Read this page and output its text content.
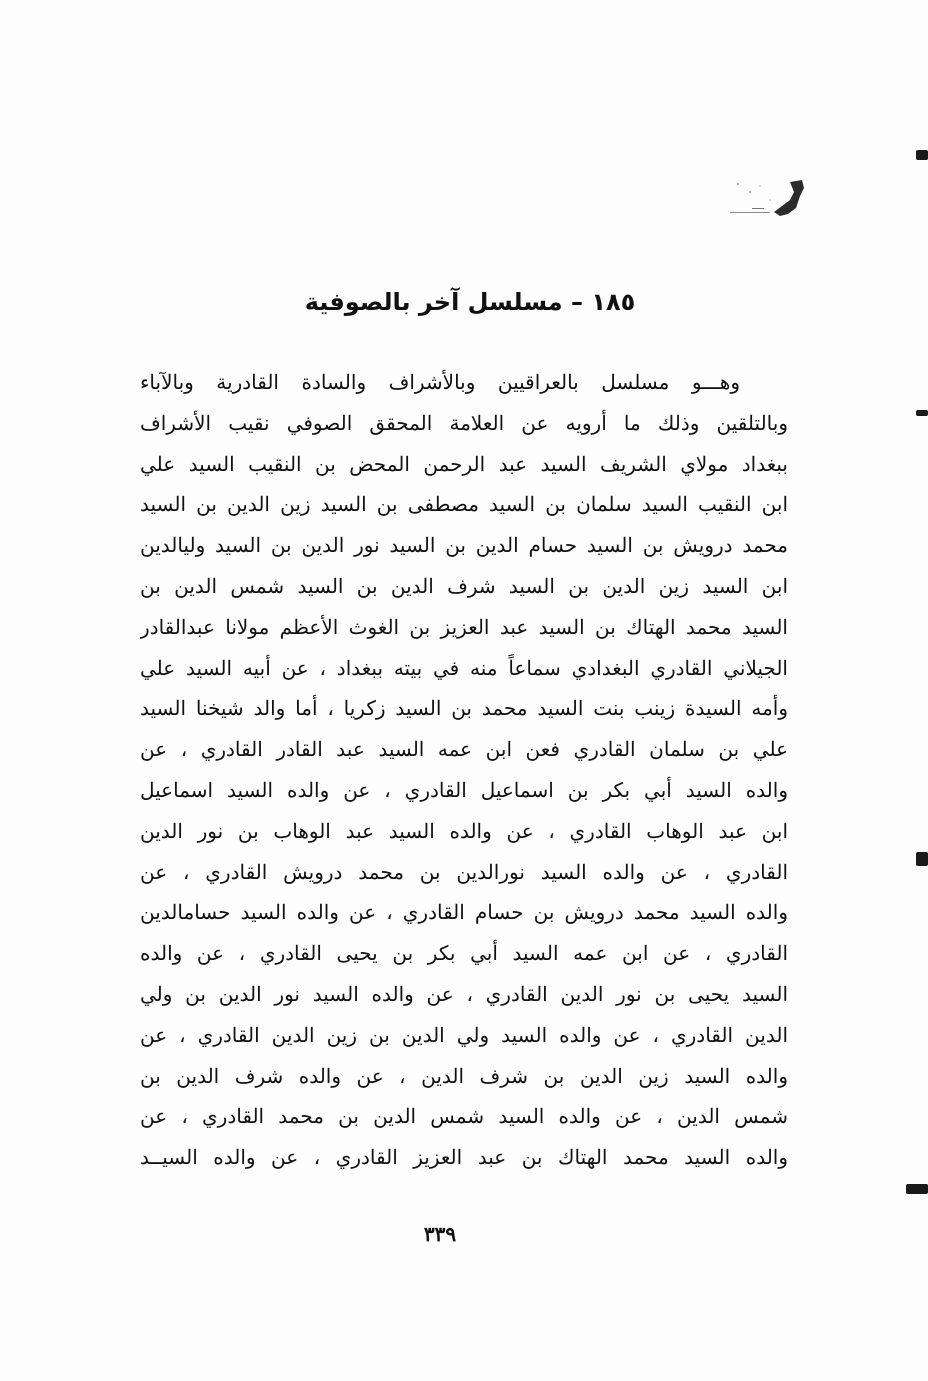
١٨٥ – مسلسل آخر بالصوفية
وهـــو مسلسل بالعراقيين وبالأشراف والسادة القادرية وبالآباء
وبالتلقين وذلك ما أرويه عن العلامة المحقق الصوفي نقيب الأشراف
ببغداد مولاي الشريف السيد عبد الرحمن المحض بن النقيب السيد علي
ابن النقيب السيد سلمان بن السيد مصطفى بن السيد زين الدين بن السيد
محمد درويش بن السيد حسام الدين بن السيد نور الدين بن السيد وليالدين
ابن السيد زين الدين بن السيد شرف الدين بن السيد شمس الدين بن
السيد محمد الهتاك بن السيد عبد العزيز بن الغوث الأعظم مولانا عبدالقادر
الجيلاني القادري البغدادي سماعاً منه في بيته ببغداد ، عن أبيه السيد علي
وأمه السيدة زينب بنت السيد محمد بن السيد زكريا ، أما والد شيخنا السيد
علي بن سلمان القادري فعن ابن عمه السيد عبد القادر القادري ، عن
والده السيد أبي بكر بن اسماعيل القادري ، عن والده السيد اسماعيل
ابن عبد الوهاب القادري ، عن والده السيد عبد الوهاب بن نور الدين
القادري ، عن والده السيد نورالدين بن محمد درويش القادري ، عن
والده السيد محمد درويش بن حسام القادري ، عن والده السيد حسامالدين
القادري ، عن ابن عمه السيد أبي بكر بن يحيى القادري ، عن والده
السيد يحيى بن نور الدين القادري ، عن والده السيد نور الدين بن ولي
الدين القادري ، عن والده السيد ولي الدين بن زين الدين القادري ، عن
والده السيد زين الدين بن شرف الدين ، عن والده شرف الدين بن
شمس الدين ، عن والده السيد شمس الدين بن محمد القادري ، عن
والده السيد محمد الهتاك بن عبد العزيز القادري ، عن والده السيــد
٣٣٩
